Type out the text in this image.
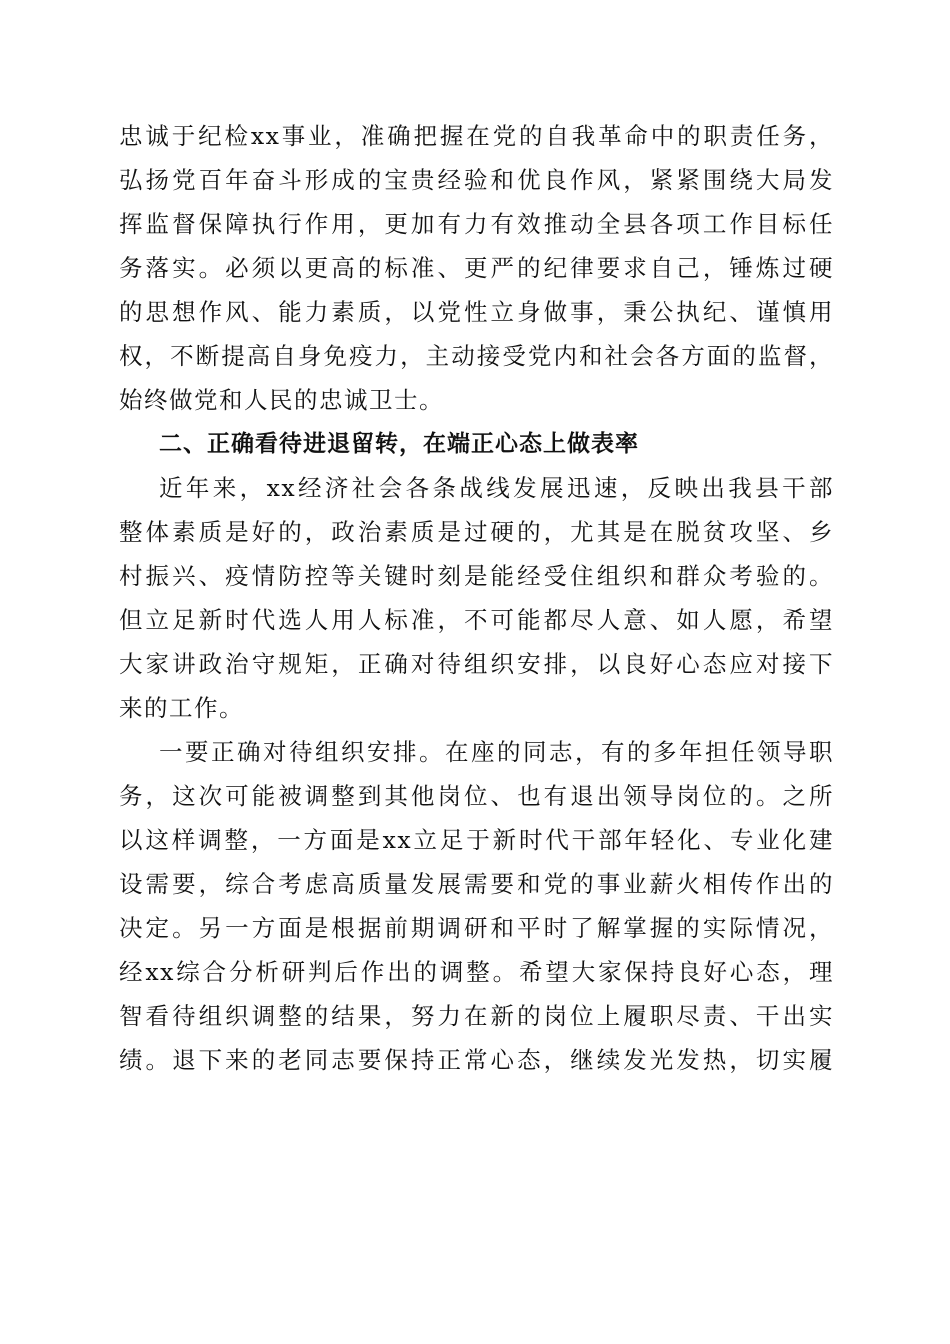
忠诚于纪检xx事业，准确把握在党的自我革命中的职责任务，
弘扬党百年奋斗形成的宝贵经验和优良作风，紧紧围绕大局发
挥监督保障执行作用，更加有力有效推动全县各项工作目标任
务落实。必须以更高的标准、更严的纪律要求自己，锤炼过硬
的思想作风、能力素质，以党性立身做事，秉公执纪、谨慎用
权，不断提高自身免疫力，主动接受党内和社会各方面的监督，
始终做党和人民的忠诚卫士。
二、正确看待进退留转，在端正心态上做表率
近年来，xx经济社会各条战线发展迅速，反映出我县干部
整体素质是好的，政治素质是过硬的，尤其是在脱贫攻坚、乡
村振兴、疫情防控等关键时刻是能经受住组织和群众考验的。
但立足新时代选人用人标准，不可能都尽人意、如人愿，希望
大家讲政治守规矩，正确对待组织安排，以良好心态应对接下
来的工作。
一要正确对待组织安排。在座的同志，有的多年担任领导职
务，这次可能被调整到其他岗位、也有退出领导岗位的。之所
以这样调整，一方面是xx立足于新时代干部年轻化、专业化建
设需要，综合考虑高质量发展需要和党的事业薪火相传作出的
决定。另一方面是根据前期调研和平时了解掌握的实际情况，
经xx综合分析研判后作出的调整。希望大家保持良好心态，理
智看待组织调整的结果，努力在新的岗位上履职尽责、干出实
绩。退下来的老同志要保持正常心态，继续发光发热，切实履
